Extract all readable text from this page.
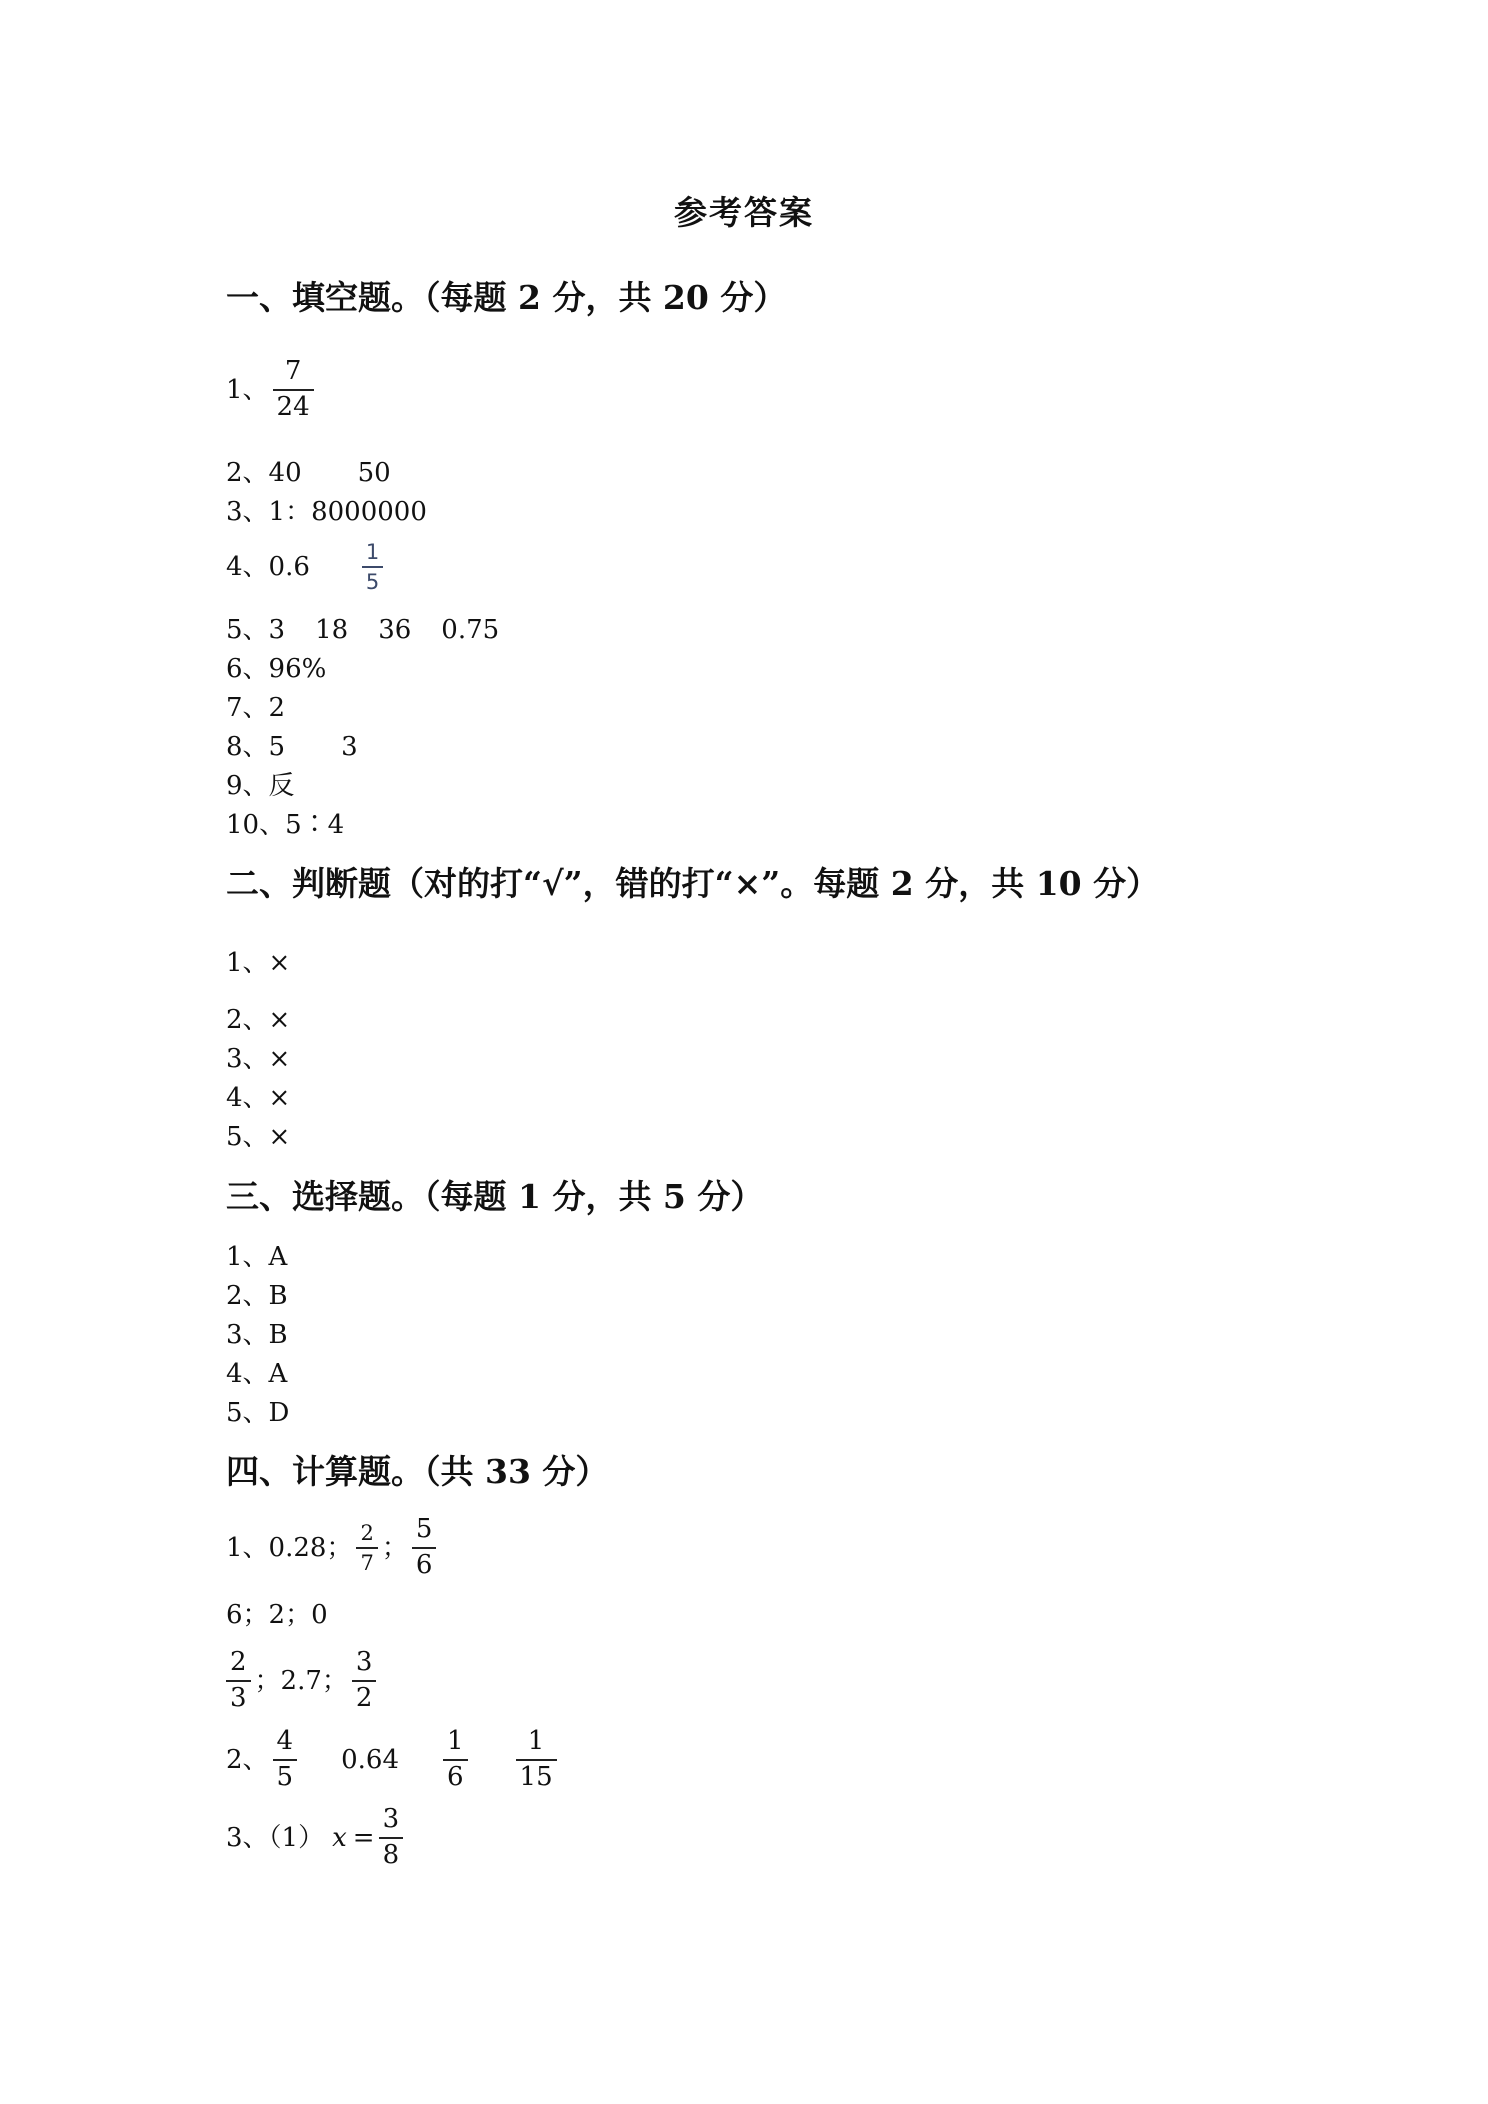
参考答案
一、填空题。（每题 2 分，共 20 分）
1、 $\frac{7}{24}$
2、40 50
3、1：8000000
4、$0.6 \frac{1}{5}$
5、3 18 36 0.75
6、96%
7、2
8、5 3
9、反
10、5∶4
二、判断题（对的打“√”，错的打“×”。每题 2 分，共 10 分）
1、×
2、×
3、×
4、×
5、×
三、选择题。（每题 1 分，共 5 分）
1、A
2、B
3、B
4、A
5、D
四、计算题。（共 33 分）
1、0.28； $\frac{2}{7}$ ； $\frac{5}{6}$
6；2；0
$\frac{2}{3}$ ；2.7； $\frac{3}{2}$
2、 $\frac{4}{5} 0.64 \frac{1}{6} \frac{1}{15}$
3、（1） $x = \frac{3}{8}$
